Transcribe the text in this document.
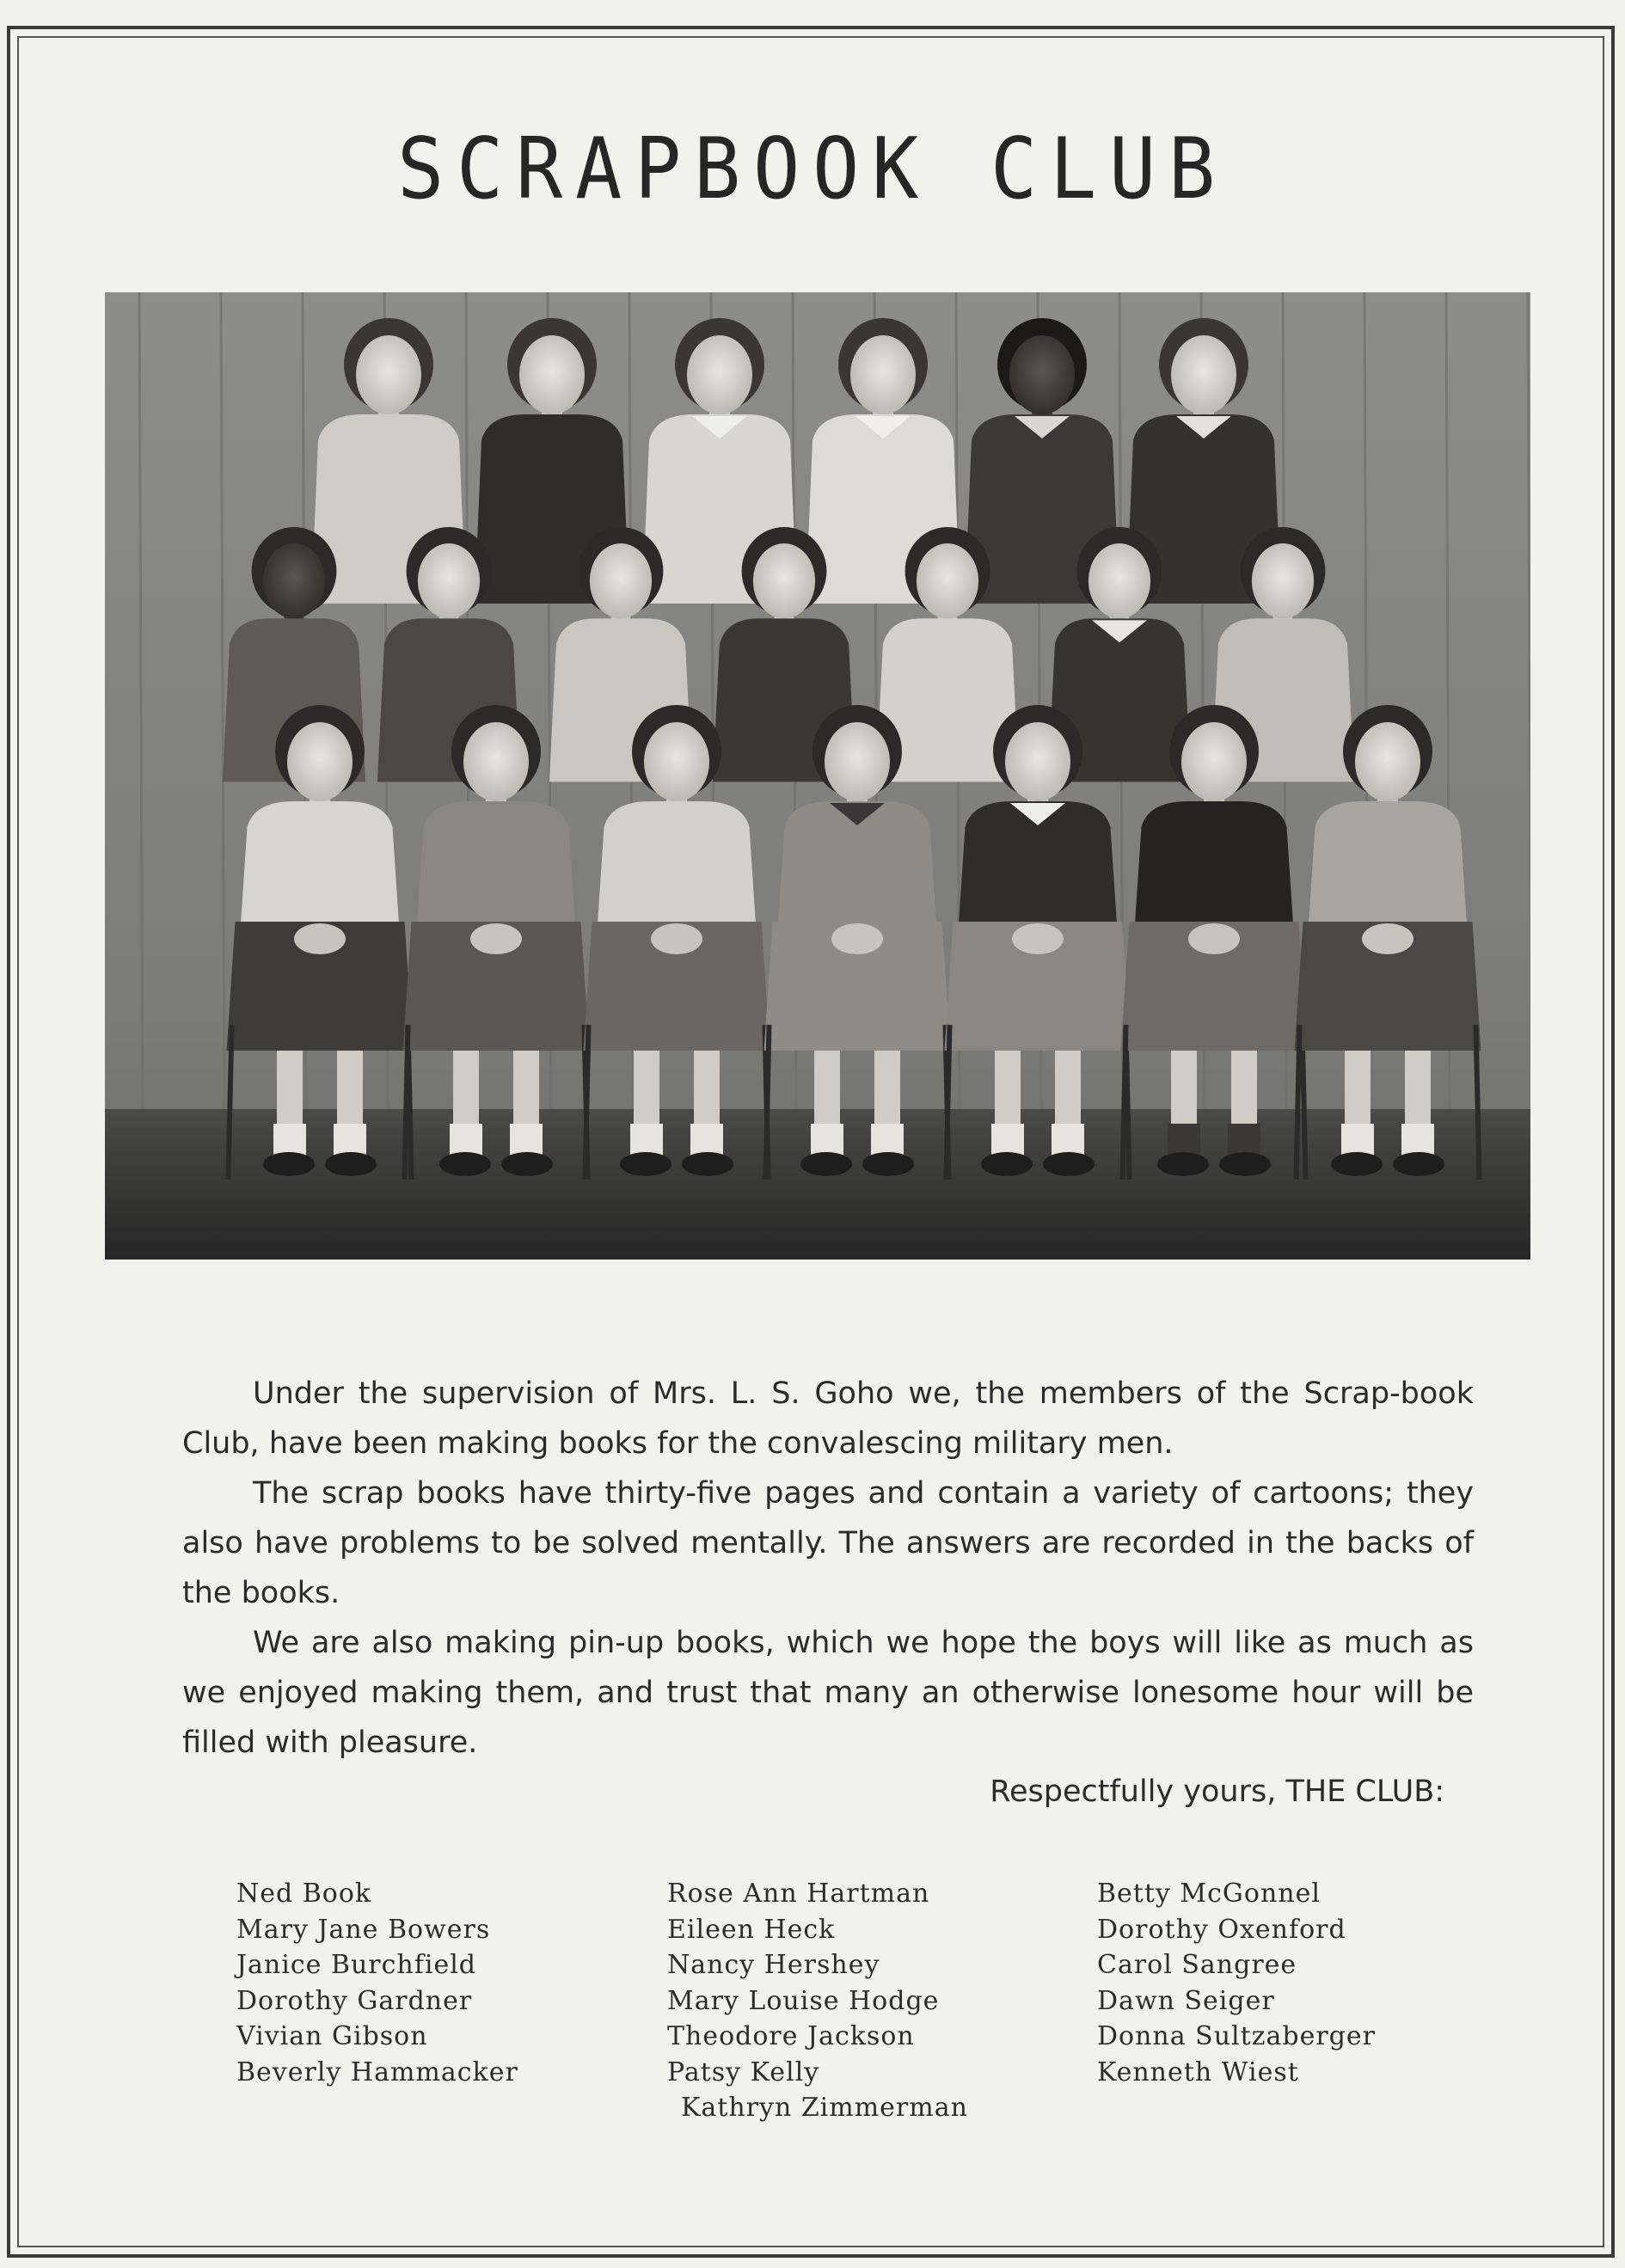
SCRAPBOOK CLUB

Under the supervision of Mrs. L. S. Goho we, the members of the Scrap-book Club, have been making books for the convalescing military men.

The scrap books have thirty-five pages and contain a variety of cartoons; they also have problems to be solved mentally. The answers are recorded in the backs of the books.

We are also making pin-up books, which we hope the boys will like as much as we enjoyed making them, and trust that many an otherwise lonesome hour will be filled with pleasure.

Respectfully yours, THE CLUB:
Ned Book
Mary Jane Bowers
Janice Burchfield
Dorothy Gardner
Vivian Gibson
Beverly Hammacker
Rose Ann Hartman
Eileen Heck
Nancy Hershey
Mary Louise Hodge
Theodore Jackson
Patsy Kelly
Kathryn Zimmerman
Betty McGonnel
Dorothy Oxenford
Carol Sangree
Dawn Seiger
Donna Sultzaberger
Kenneth Wiest
